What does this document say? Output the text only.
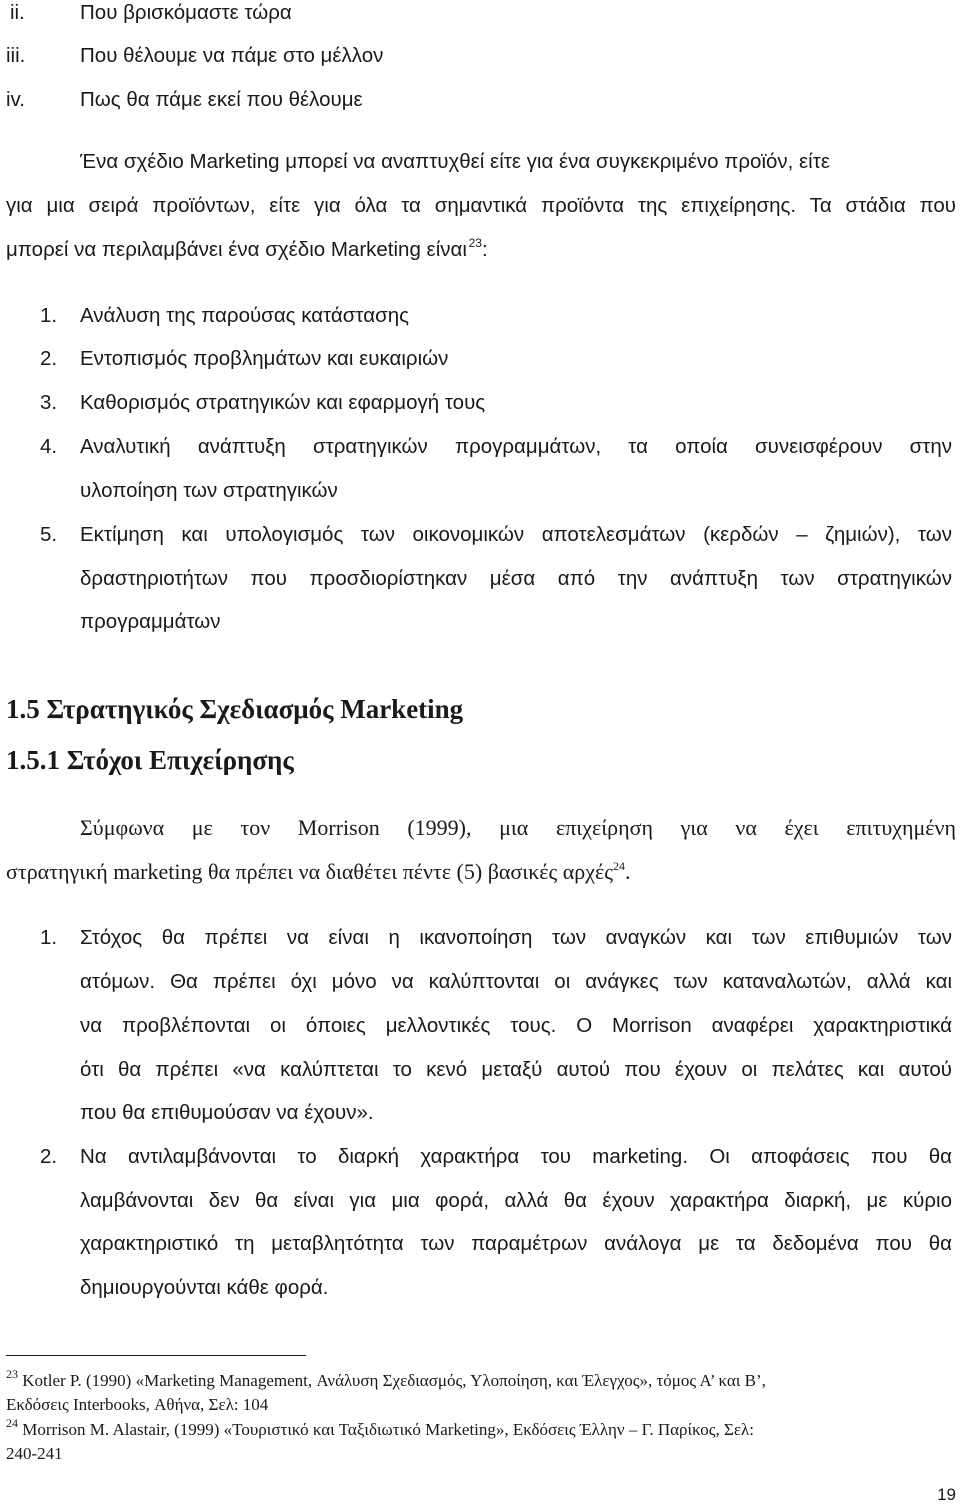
ii.	Που βρισκόμαστε τώρα
iii.	Που θέλουμε να πάμε στο μέλλον
iv.	Πως θα πάμε εκεί που θέλουμε
Ένα σχέδιο Marketing μπορεί να αναπτυχθεί είτε για ένα συγκεκριμένο προϊόν, είτε
για μια σειρά προϊόντων, είτε για όλα τα σημαντικά προϊόντα της επιχείρησης. Τα στάδια που
μπορεί να περιλαμβάνει ένα σχέδιο Marketing είναι  $^{23}$:
1. Ανάλυση της παρούσας κατάστασης
2. Εντοπισμός προβλημάτων και ευκαιριών
3. Καθορισμός στρατηγικών και εφαρμογή τους
4. Αναλυτική ανάπτυξη στρατηγικών προγραμμάτων, τα οποία συνεισφέρουν στην
υλοποίηση των στρατηγικών
5. Εκτίμηση και υπολογισμός των οικονομικών αποτελεσμάτων (κερδών – ζημιών), των
δραστηριοτήτων που προσδιορίστηκαν μέσα από την ανάπτυξη των στρατηγικών
προγραμμάτων
1.5 Στρατηγικός Σχεδιασμός Marketing
1.5.1 Στόχοι Επιχείρησης
Σύμφωνα με τον Morrison (1999), μια επιχείρηση για να έχει επιτυχημένη
στρατηγική marketing θα πρέπει να διαθέτει πέντε (5) βασικές αρχές$^{24}$.
1. Στόχος θα πρέπει να είναι η ικανοποίηση των αναγκών και των επιθυμιών των
ατόμων. Θα πρέπει όχι μόνο να καλύπτονται οι ανάγκες των καταναλωτών, αλλά και
να προβλέπονται οι όποιες μελλοντικές τους. Ο Morrison αναφέρει χαρακτηριστικά
ότι θα πρέπει «να καλύπτεται το κενό μεταξύ αυτού που έχουν οι πελάτες και αυτού
που θα επιθυμούσαν να έχουν».
2. Να αντιλαμβάνονται το διαρκή χαρακτήρα του marketing. Οι αποφάσεις που θα
λαμβάνονται δεν θα είναι για μια φορά, αλλά θα έχουν χαρακτήρα διαρκή, με κύριο
χαρακτηριστικό τη μεταβλητότητα των παραμέτρων ανάλογα με τα δεδομένα που θα
δημιουργούνται κάθε φορά.
$^{23}$ Kotler P. (1990) «Marketing Management, Ανάλυση Σχεδιασμός, Υλοποίηση, και Έλεγχος», τόμος Α’ και Β’,
Εκδόσεις Interbooks, Αθήνα, Σελ: 104
$^{24}$ Morrison M. Alastair, (1999) «Τουριστικό και Ταξιδιωτικό Marketing», Εκδόσεις Έλλην – Γ. Παρίκος, Σελ:
240-241
19
